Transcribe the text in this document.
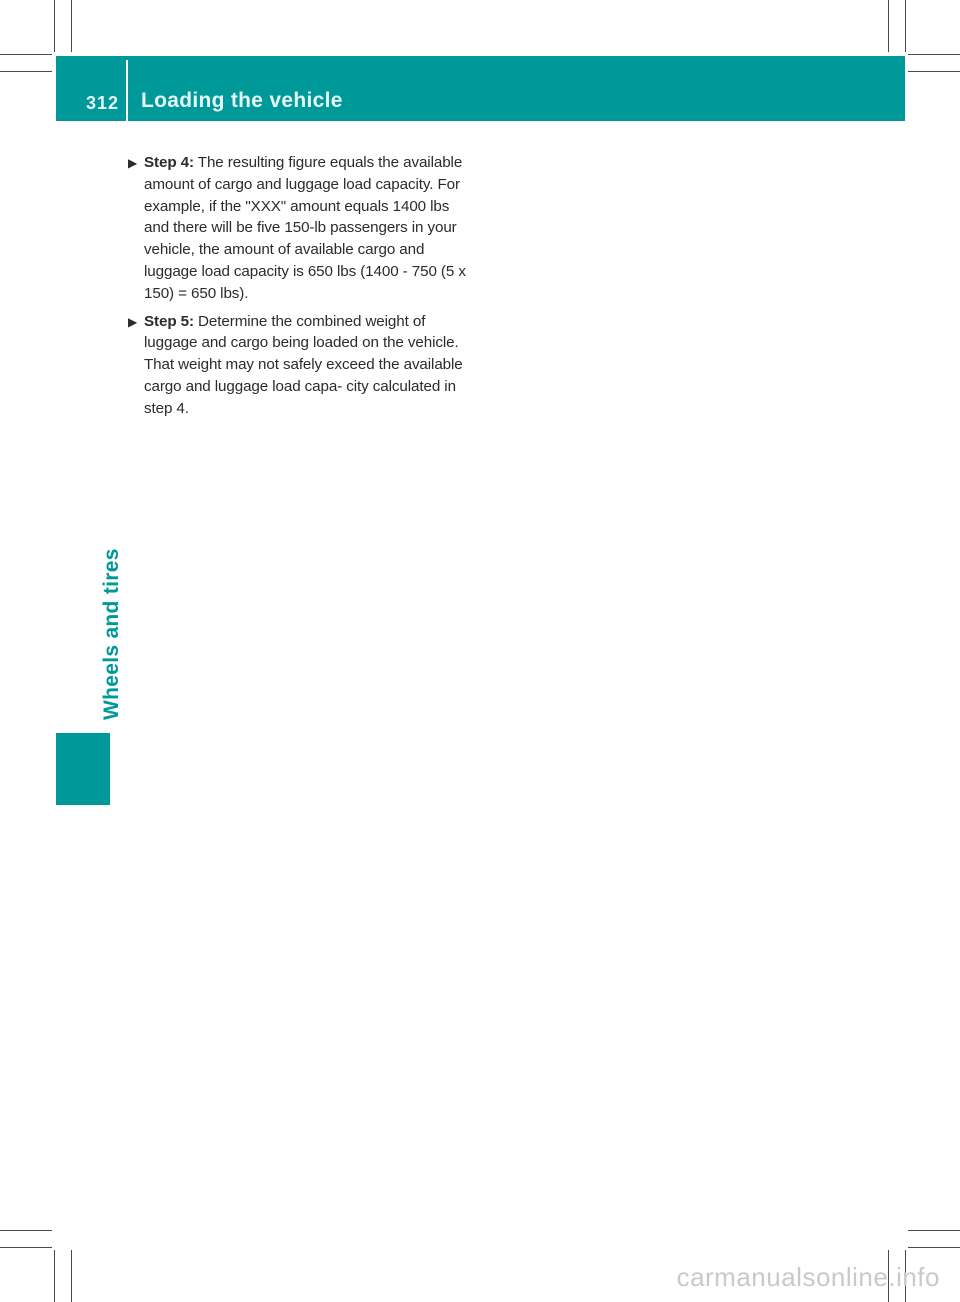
312 Loading the vehicle
Wheels and tires
▶ Step 4: The resulting figure equals the available amount of cargo and luggage load capacity. For example, if the "XXX" amount equals 1400 lbs and there will be five 150-lb passengers in your vehicle, the amount of available cargo and luggage load capacity is 650 lbs (1400 - 750 (5 x 150) = 650 lbs).
▶ Step 5: Determine the combined weight of luggage and cargo being loaded on the vehicle. That weight may not safely exceed the available cargo and luggage load capa- city calculated in step 4.
carmanualsonline.info
